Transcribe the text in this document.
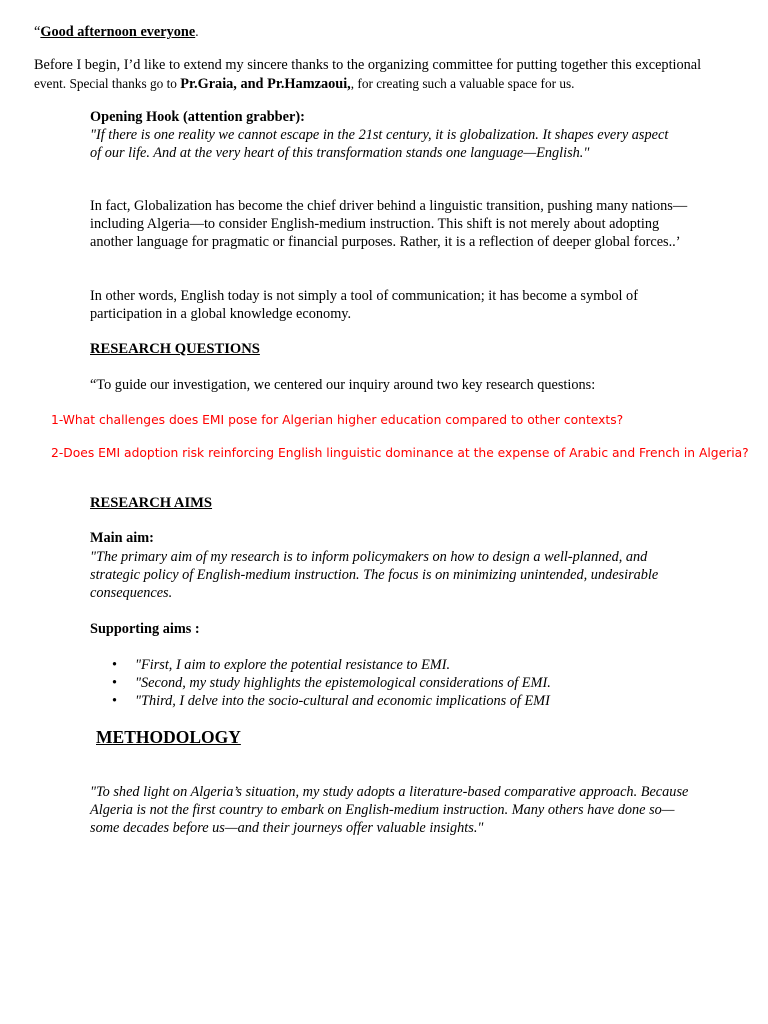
“Good afternoon everyone.
Before I begin, I’d like to extend my sincere thanks to the organizing committee for putting together this exceptional
event. Special thanks go to Pr.Graia, and Pr.Hamzaoui,, for creating such a valuable space for us.
Opening Hook (attention grabber):
"If there is one reality we cannot escape in the 21st century, it is globalization. It shapes every aspect of our life. And at the very heart of this transformation stands one language—English."
In fact, Globalization has become the chief driver behind a linguistic transition, pushing many nations—including Algeria—to consider English-medium instruction. This shift is not merely about adopting another language for pragmatic or financial purposes. Rather, it is a reflection of deeper global forces..’
In other words, English today is not simply a tool of communication; it has become a symbol of participation in a global knowledge economy.
RESEARCH QUESTIONS
“To guide our investigation, we centered our inquiry around two key research questions:
1-What challenges does EMI pose for Algerian higher education compared to other contexts?
2-Does EMI adoption risk reinforcing English linguistic dominance at the expense of Arabic and French in Algeria?
RESEARCH AIMS
Main aim:
"The primary aim of my research is to inform policymakers on how to design a well-planned, and strategic policy of English-medium instruction. The focus is on minimizing unintended, undesirable consequences.
Supporting aims :
• "First, I aim to explore the potential resistance to EMI.
• "Second, my study highlights the epistemological considerations of EMI.
• "Third, I delve into the socio-cultural and economic implications of EMI
METHODOLOGY
"To shed light on Algeria’s situation, my study adopts a literature-based comparative approach. Because Algeria is not the first country to embark on English-medium instruction. Many others have done so—some decades before us—and their journeys offer valuable insights."
